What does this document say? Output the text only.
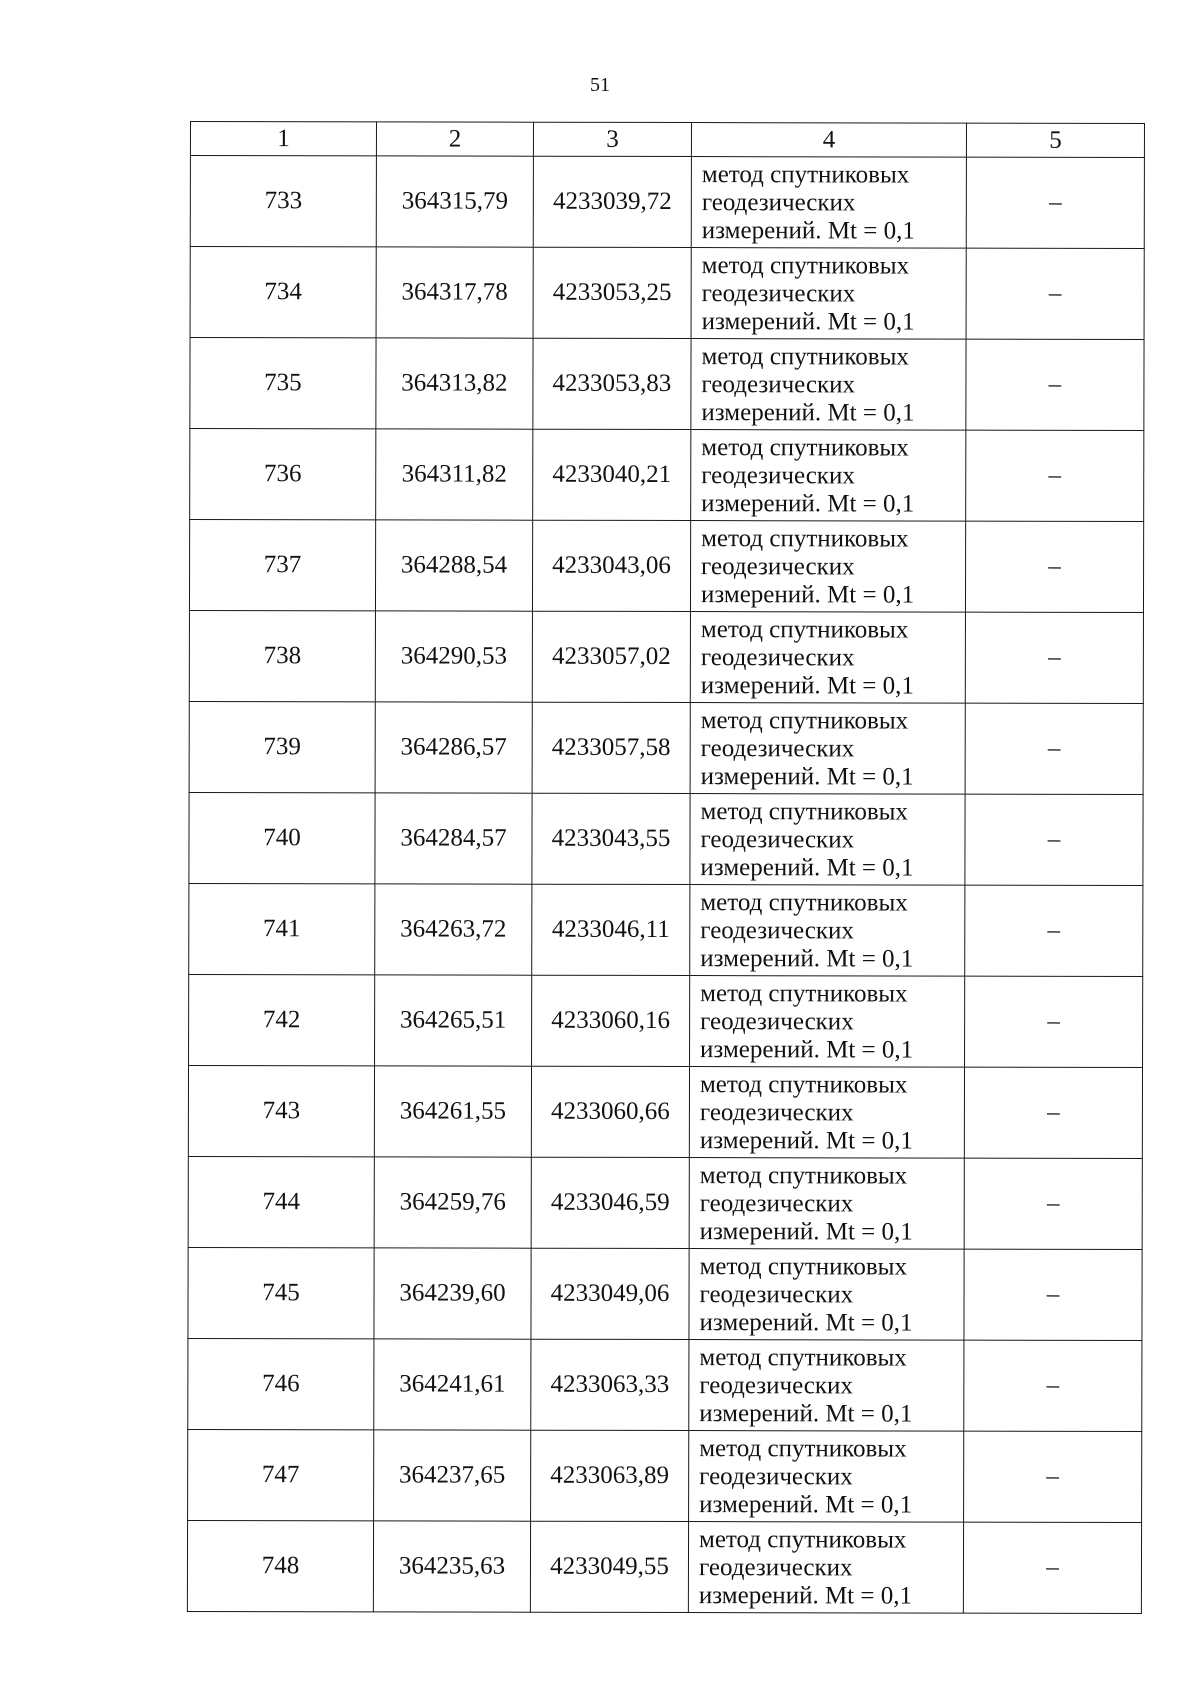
51
1	2	3	4	5
733	364315,79	4233039,72	метод спутниковых
геодезических
измерений. Mt = 0,1	–
734	364317,78	4233053,25	метод спутниковых
геодезических
измерений. Mt = 0,1	–
735	364313,82	4233053,83	метод спутниковых
геодезических
измерений. Mt = 0,1	–
736	364311,82	4233040,21	метод спутниковых
геодезических
измерений. Mt = 0,1	–
737	364288,54	4233043,06	метод спутниковых
геодезических
измерений. Mt = 0,1	–
738	364290,53	4233057,02	метод спутниковых
геодезических
измерений. Mt = 0,1	–
739	364286,57	4233057,58	метод спутниковых
геодезических
измерений. Mt = 0,1	–
740	364284,57	4233043,55	метод спутниковых
геодезических
измерений. Mt = 0,1	–
741	364263,72	4233046,11	метод спутниковых
геодезических
измерений. Mt = 0,1	–
742	364265,51	4233060,16	метод спутниковых
геодезических
измерений. Mt = 0,1	–
743	364261,55	4233060,66	метод спутниковых
геодезических
измерений. Mt = 0,1	–
744	364259,76	4233046,59	метод спутниковых
геодезических
измерений. Mt = 0,1	–
745	364239,60	4233049,06	метод спутниковых
геодезических
измерений. Mt = 0,1	–
746	364241,61	4233063,33	метод спутниковых
геодезических
измерений. Mt = 0,1	–
747	364237,65	4233063,89	метод спутниковых
геодезических
измерений. Mt = 0,1	–
748	364235,63	4233049,55	метод спутниковых
геодезических
измерений. Mt = 0,1	–
